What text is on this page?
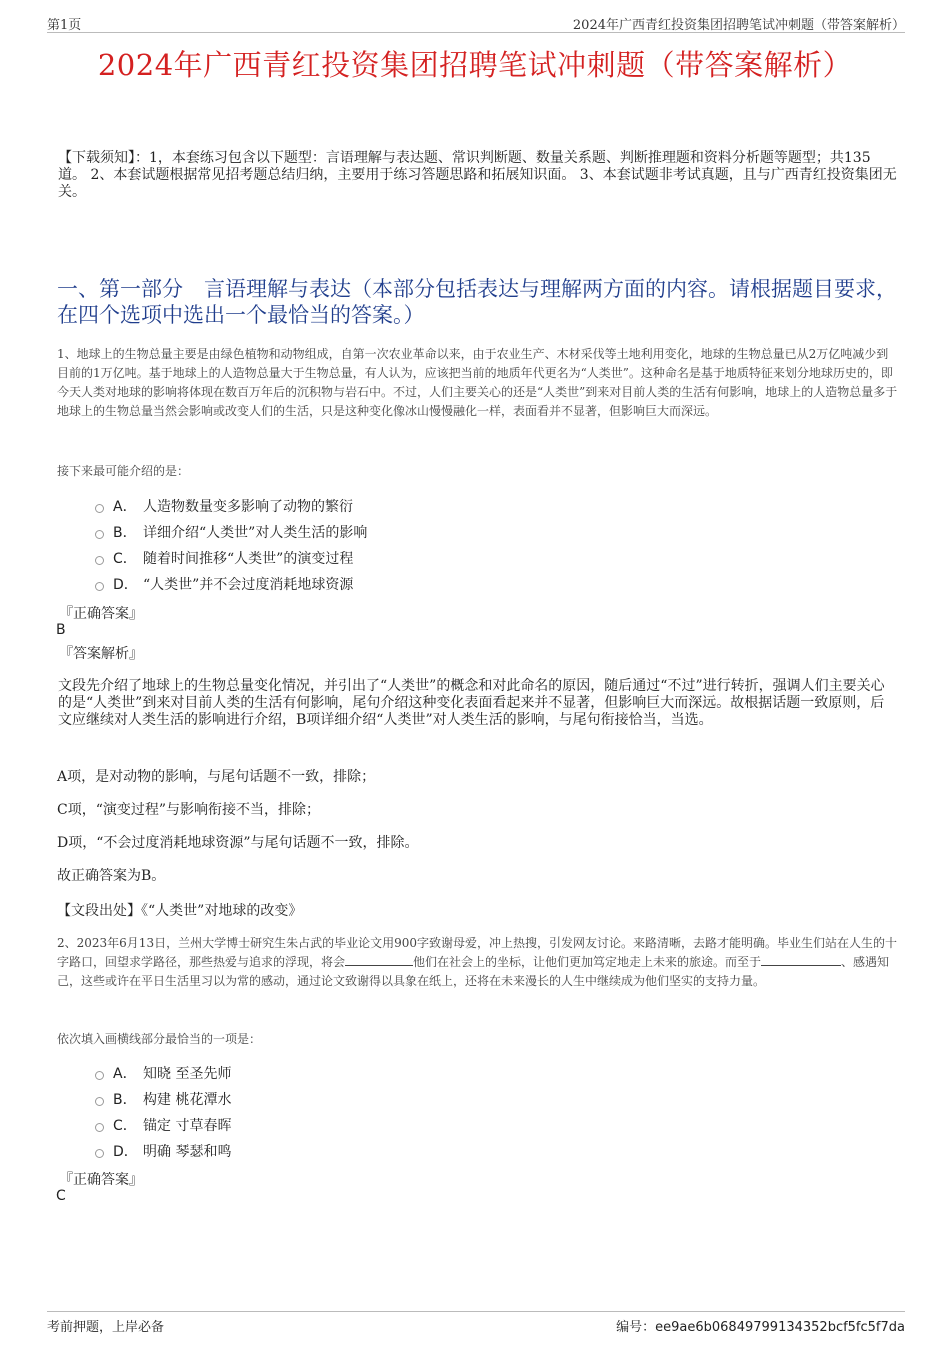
第1页	2024年广西青红投资集团招聘笔试冲刺题（带答案解析）
2024年广西青红投资集团招聘笔试冲刺题（带答案解析）
【下载须知】：1，本套练习包含以下题型：言语理解与表达题、常识判断题、数量关系题、判断推理题和资料分析题等题型；共135道。 2、本套试题根据常见招考题总结归纳，主要用于练习答题思路和拓展知识面。 3、本套试题非考试真题，且与广西青红投资集团无关。
一、第一部分　言语理解与表达（本部分包括表达与理解两方面的内容。请根据题目要求，在四个选项中选出一个最恰当的答案。）
1、地球上的生物总量主要是由绿色植物和动物组成，自第一次农业革命以来，由于农业生产、木材采伐等土地利用变化，地球的生物总量已从2万亿吨减少到目前的1万亿吨。基于地球上的人造物总量大于生物总量，有人认为，应该把当前的地质年代更名为“人类世”。这种命名是基于地质特征来划分地球历史的，即今天人类对地球的影响将体现在数百万年后的沉积物与岩石中。不过，人们主要关心的还是“人类世”到来对目前人类的生活有何影响，地球上的人造物总量多于地球上的生物总量当然会影响或改变人们的生活，只是这种变化像冰山慢慢融化一样，表面看并不显著，但影响巨大而深远。
接下来最可能介绍的是：
A． 人造物数量变多影响了动物的繁衍
B． 详细介绍“人类世”对人类生活的影响
C． 随着时间推移“人类世”的演变过程
D． “人类世”并不会过度消耗地球资源
『正确答案』
B
『答案解析』
文段先介绍了地球上的生物总量变化情况，并引出了“人类世”的概念和对此命名的原因，随后通过“不过”进行转折，强调人们主要关心的是“人类世”到来对目前人类的生活有何影响，尾句介绍这种变化表面看起来并不显著，但影响巨大而深远。故根据话题一致原则，后文应继续对人类生活的影响进行介绍，B项详细介绍“人类世”对人类生活的影响，与尾句衔接恰当，当选。
A项，是对动物的影响，与尾句话题不一致，排除；
C项，“演变过程”与影响衔接不当，排除；
D项，“不会过度消耗地球资源”与尾句话题不一致，排除。
故正确答案为B。
【文段出处】《“人类世”对地球的改变》
2、2023年6月13日，兰州大学博士研究生朱占武的毕业论文用900字致谢母爱，冲上热搜，引发网友讨论。来路清晰，去路才能明确。毕业生们站在人生的十字路口，回望求学路径，那些热爱与追求的浮现，将会	他们在社会上的坐标，让他们更加笃定地走上未来的旅途。而至于	、感遇知己，这些或许在平日生活里习以为常的感动，通过论文致谢得以具象在纸上，还将在未来漫长的人生中继续成为他们坚实的支持力量。
依次填入画横线部分最恰当的一项是：
A． 知晓 至圣先师
B． 构建 桃花潭水
C． 锚定 寸草春晖
D． 明确 琴瑟和鸣
『正确答案』
C
考前押题，上岸必备	编号：ee9ae6b06849799134352bcf5fc5f7da
